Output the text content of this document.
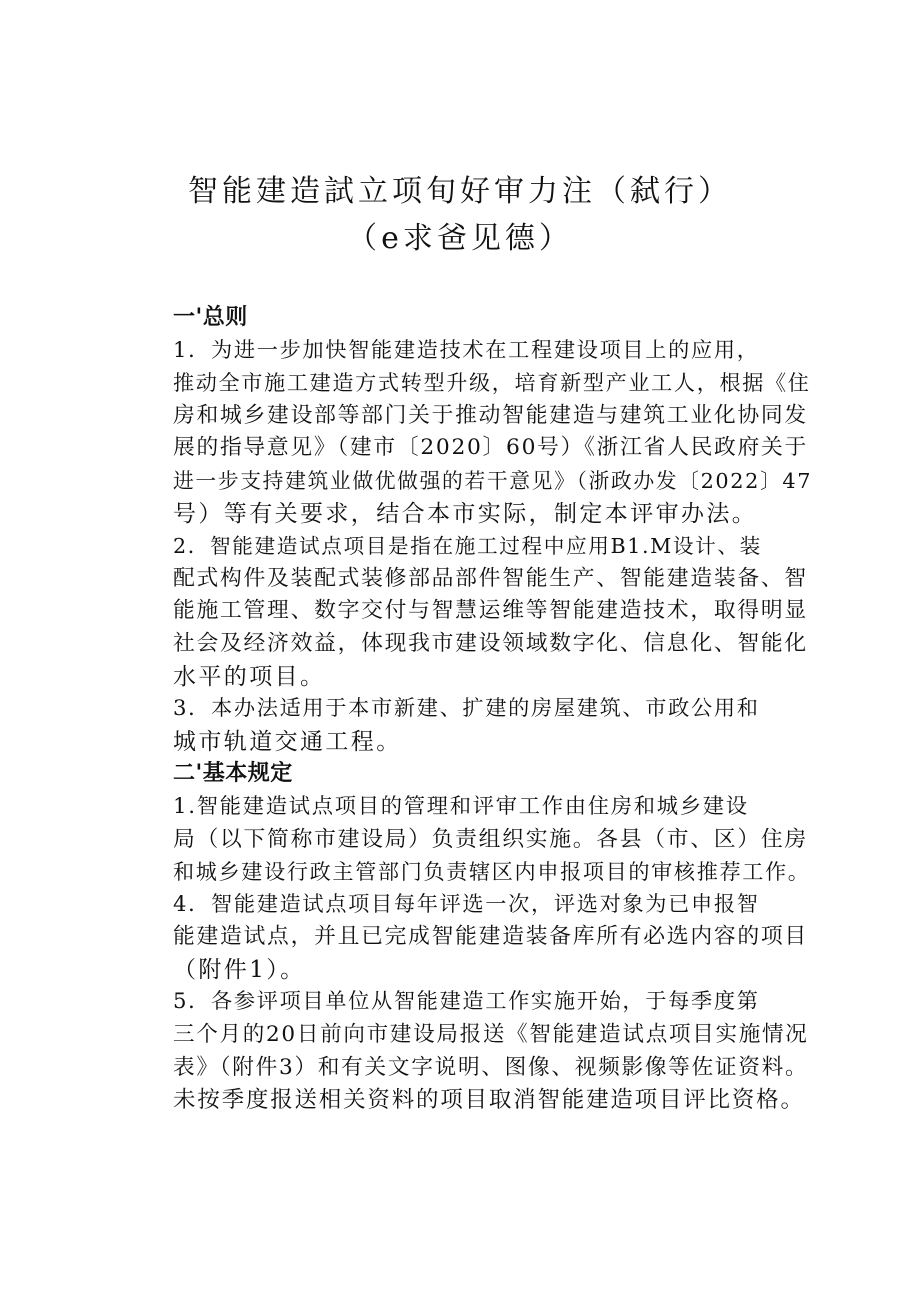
智能建造試立项旬好审力注（弑行）
（e求爸见德）

一'总则

1．为进一步加快智能建造技术在工程建设项目上的应用，
推动全市施工建造方式转型升级，培育新型产业工人，根据《住
房和城乡建设部等部门关于推动智能建造与建筑工业化协同发
展的指导意见》（建市〔2020〕60号）《浙江省人民政府关于
进一步支持建筑业做优做强的若干意见》（浙政办发〔2022〕47
号）等有关要求，结合本市实际，制定本评审办法。

2．智能建造试点项目是指在施工过程中应用B1.M设计、装
配式构件及装配式装修部品部件智能生产、智能建造装备、智
能施工管理、数字交付与智慧运维等智能建造技术，取得明显
社会及经济效益，体现我市建设领域数字化、信息化、智能化
水平的项目。

3．本办法适用于本市新建、扩建的房屋建筑、市政公用和
城市轨道交通工程。

二'基本规定

1.智能建造试点项目的管理和评审工作由住房和城乡建设
局（以下简称市建设局）负责组织实施。各县（市、区）住房
和城乡建设行政主管部门负责辖区内申报项目的审核推荐工作。

4．智能建造试点项目每年评选一次，评选对象为已申报智
能建造试点，并且已完成智能建造装备库所有必选内容的项目
（附件1）。

5．各参评项目单位从智能建造工作实施开始，于每季度第
三个月的20日前向市建设局报送《智能建造试点项目实施情况
表》（附件3）和有关文字说明、图像、视频影像等佐证资料。
未按季度报送相关资料的项目取消智能建造项目评比资格。
